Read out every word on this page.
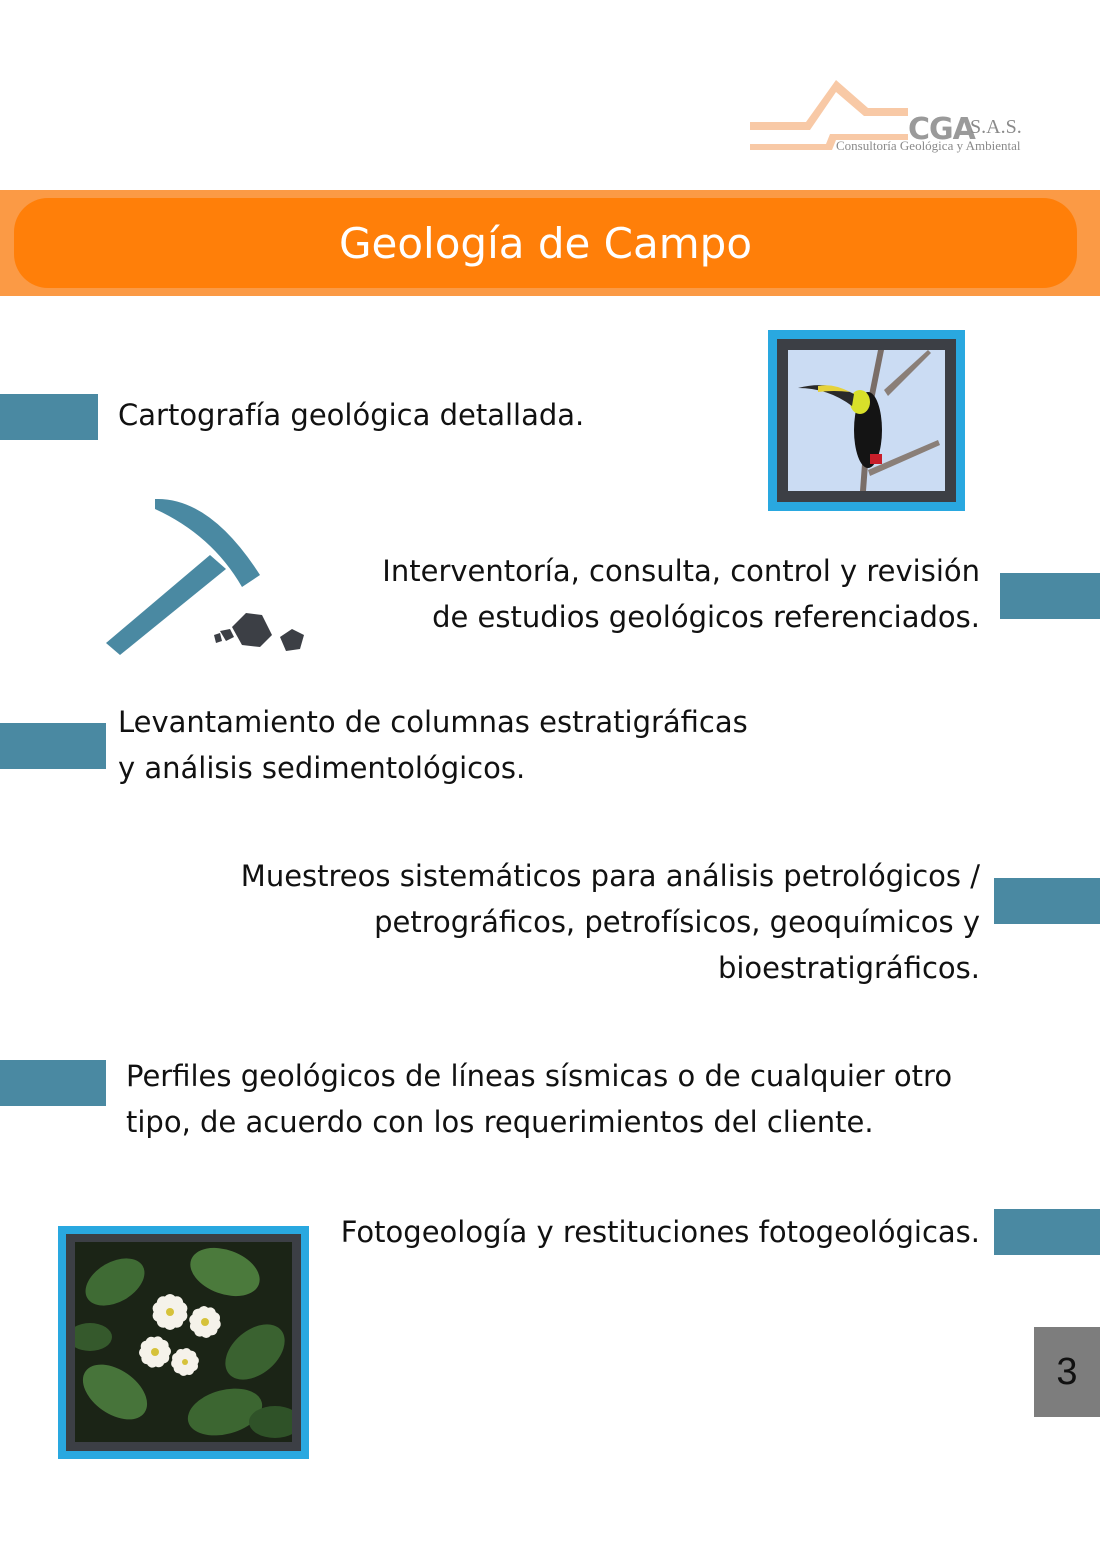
CGA
S.A.S.
Consultoría Geológica y Ambiental
Geología de Campo
Cartografía geológica detallada.
Interventoría, consulta, control y revisión
de estudios geológicos referenciados.
Levantamiento de columnas estratigráficas
y análisis sedimentológicos.
Muestreos sistemáticos para análisis petrológicos /
petrográficos, petrofísicos, geoquímicos y
bioestratigráficos.
Perfiles geológicos de líneas sísmicas o de cualquier otro
tipo, de acuerdo con los requerimientos del cliente.
Fotogeología y restituciones fotogeológicas.
3
